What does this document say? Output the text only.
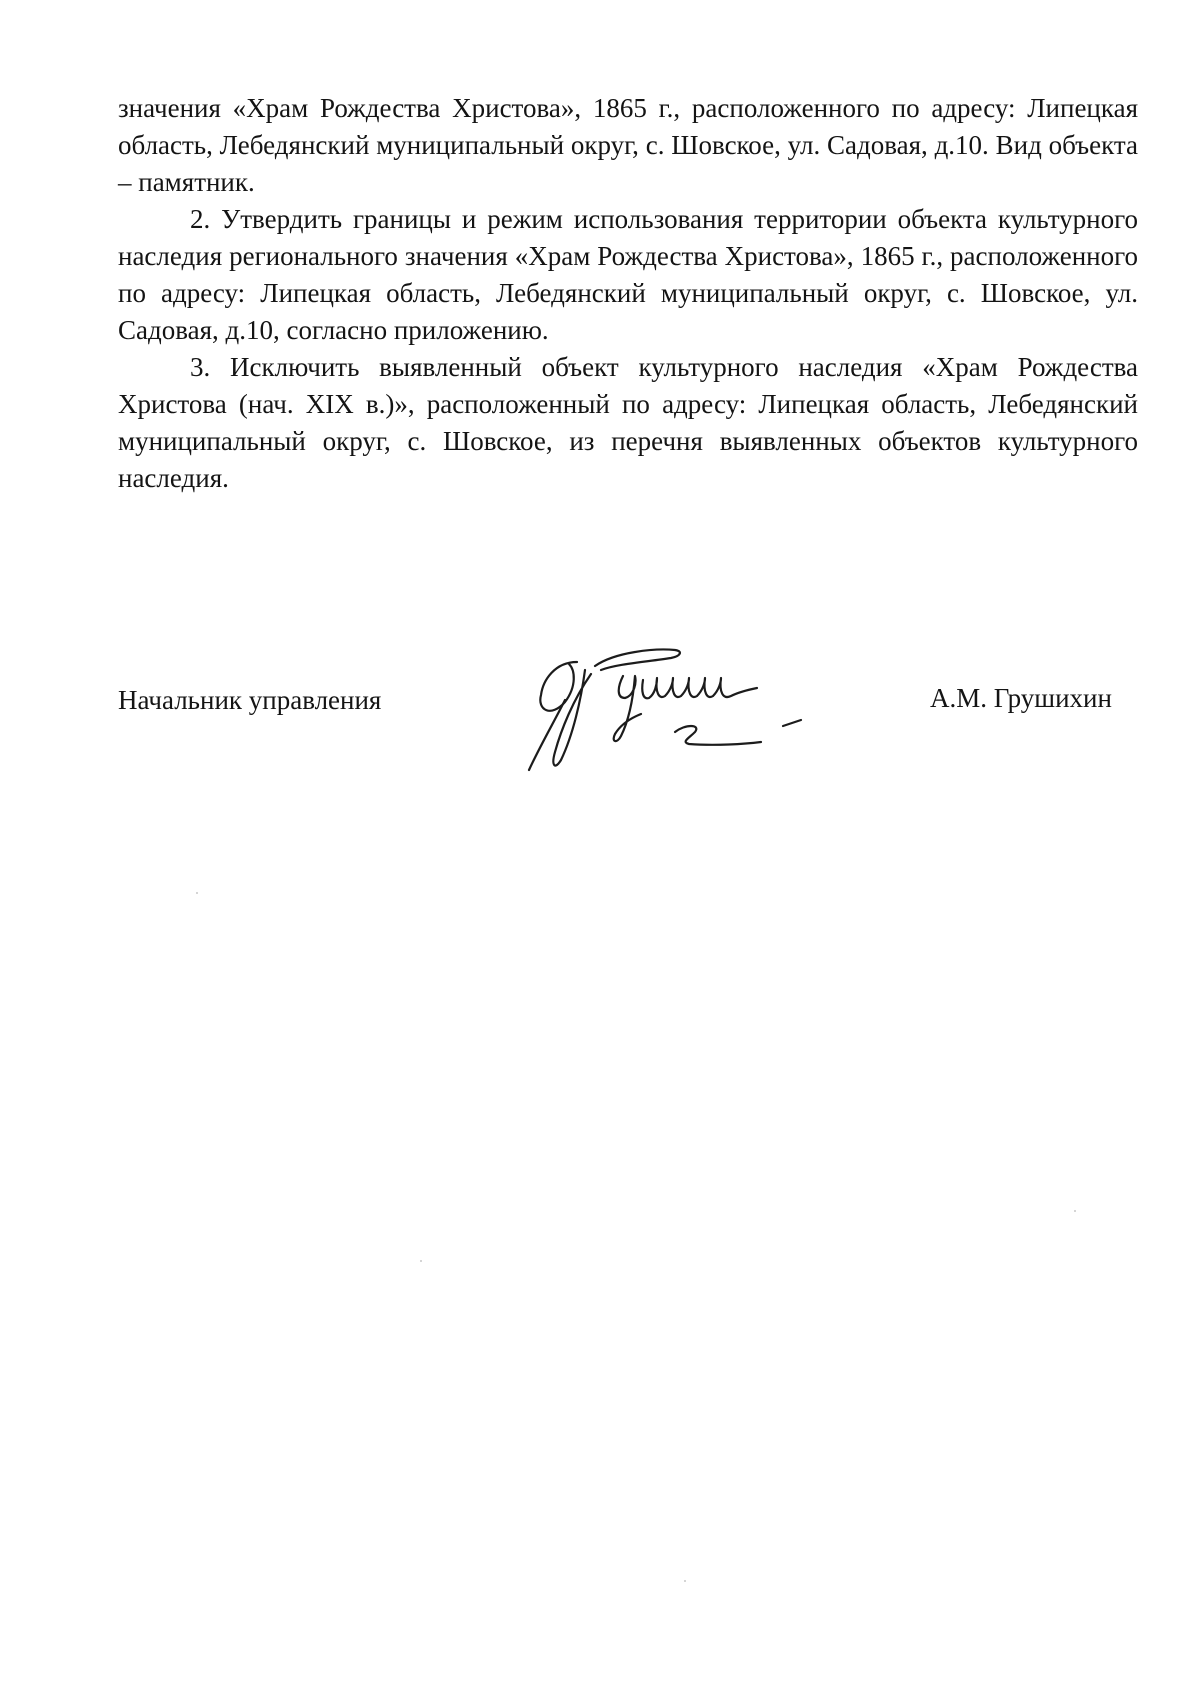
значения «Храм Рождества Христова», 1865 г., расположенного по адресу: Липецкая область, Лебедянский муниципальный округ, с. Шовское, ул. Садовая, д.10. Вид объекта – памятник.

2. Утвердить границы и режим использования территории объекта культурного наследия регионального значения «Храм Рождества Христова», 1865 г., расположенного по адресу: Липецкая область, Лебедянский муниципальный округ, с. Шовское, ул. Садовая, д.10, согласно приложению.

3. Исключить выявленный объект культурного наследия «Храм Рождества Христова (нач. XIX в.)», расположенный по адресу: Липецкая область, Лебедянский муниципальный округ, с. Шовское, из перечня выявленных объектов культурного наследия.

Начальник управления	А.М. Грушихин
